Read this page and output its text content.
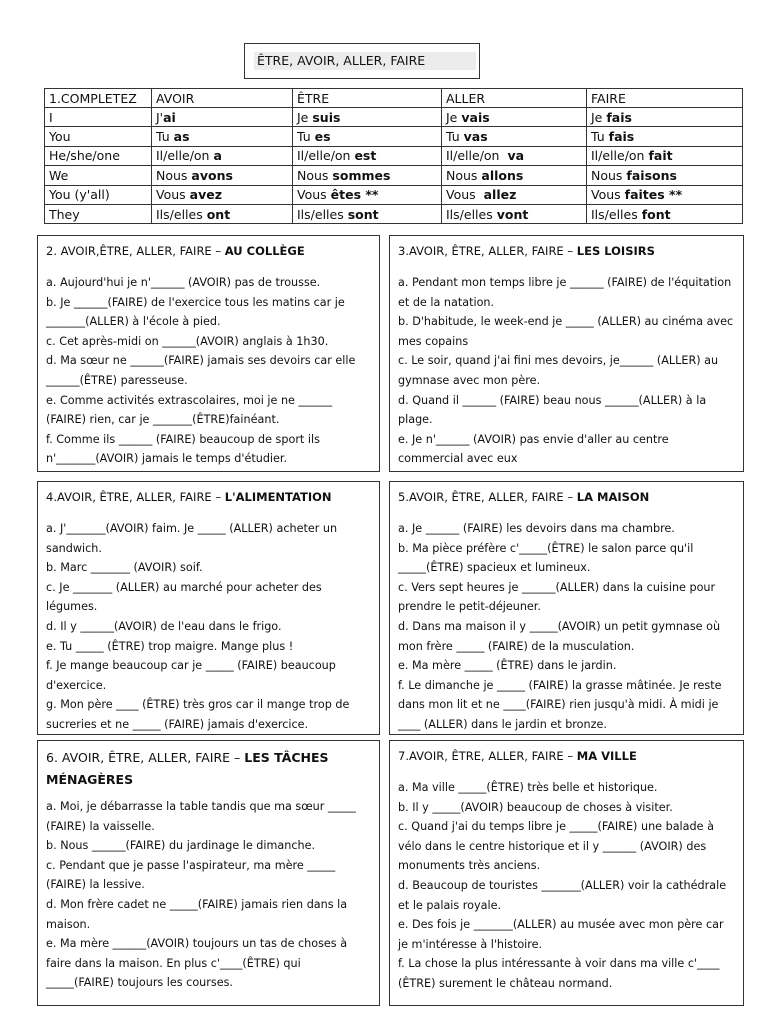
ÊTRE, AVOIR, ALLER, FAIRE
1.COMPLETEZ	AVOIR	ÊTRE	ALLER	FAIRE
I	J'ai	Je suis	Je vais	Je fais
You	Tu as	Tu es	Tu vas	Tu fais
He/she/one	Il/elle/on a	Il/elle/on est	Il/elle/on  va	Il/elle/on fait
We	Nous avons	Nous sommes	Nous allons	Nous faisons
You (y'all)	Vous avez	Vous êtes **	Vous  allez	Vous faites **
They	Ils/elles ont	Ils/elles sont	Ils/elles vont	Ils/elles font
2. AVOIR,ÊTRE, ALLER, FAIRE – AU COLLÈGE
a. Aujourd'hui je n'______ (AVOIR) pas de trousse.
b. Je ______(FAIRE) de l'exercice tous les matins car je _______(ALLER) à l'école à pied.
c. Cet après-midi on ______(AVOIR) anglais à 1h30.
d. Ma sœur ne ______(FAIRE) jamais ses devoirs car elle ______(ÊTRE) paresseuse.
e. Comme activités extrascolaires, moi je ne ______ (FAIRE) rien, car je _______(ÊTRE)fainéant.
f. Comme ils ______ (FAIRE) beaucoup de sport ils n'_______(AVOIR) jamais le temps d'étudier.
3.AVOIR, ÊTRE, ALLER, FAIRE – LES LOISIRS
a. Pendant mon temps libre je ______ (FAIRE) de l'équitation et de la natation.
b. D'habitude, le week-end je _____ (ALLER) au cinéma avec mes copains
c. Le soir, quand j'ai fini mes devoirs, je______ (ALLER) au gymnase avec mon père.
d. Quand il ______ (FAIRE) beau nous ______(ALLER) à la plage.
e. Je n'______ (AVOIR) pas envie d'aller au centre commercial avec eux
4.AVOIR, ÊTRE, ALLER, FAIRE – L'ALIMENTATION
a. J'_______(AVOIR) faim. Je _____ (ALLER) acheter un sandwich.
b. Marc _______ (AVOIR) soif.
c. Je _______ (ALLER) au marché pour acheter des légumes.
d. Il y ______(AVOIR) de l'eau dans le frigo.
e. Tu _____ (ÊTRE) trop maigre. Mange plus !
f. Je mange beaucoup car je _____ (FAIRE) beaucoup d'exercice.
g. Mon père ____ (ÊTRE) très gros car il mange trop de sucreries et ne _____ (FAIRE) jamais d'exercice.
5.AVOIR, ÊTRE, ALLER, FAIRE – LA MAISON
a. Je ______ (FAIRE) les devoirs dans ma chambre.
b. Ma pièce préfère c'_____(ÊTRE) le salon parce qu'il _____(ÊTRE) spacieux et lumineux.
c. Vers sept heures je ______(ALLER) dans la cuisine pour prendre le petit-déjeuner.
d. Dans ma maison il y _____(AVOIR) un petit gymnase où mon frère _____ (FAIRE) de la musculation.
e. Ma mère _____ (ÊTRE) dans le jardin.
f. Le dimanche je _____ (FAIRE) la grasse mâtinée. Je reste dans mon lit et ne ____(FAIRE) rien jusqu'à midi. À midi je ____ (ALLER) dans le jardin et bronze.
6. AVOIR, ÊTRE, ALLER, FAIRE – LES TÂCHES MÉNAGÈRES
a. Moi, je débarrasse la table tandis que ma sœur _____ (FAIRE) la vaisselle.
b. Nous ______(FAIRE) du jardinage le dimanche.
c. Pendant que je passe l'aspirateur, ma mère _____ (FAIRE) la lessive.
d. Mon frère cadet ne _____(FAIRE) jamais rien dans la maison.
e. Ma mère ______(AVOIR) toujours un tas de choses à faire dans la maison. En plus c'____(ÊTRE) qui _____(FAIRE) toujours les courses.
7.AVOIR, ÊTRE, ALLER, FAIRE – MA VILLE
a. Ma ville _____(ÊTRE) très belle et historique.
b. Il y _____(AVOIR) beaucoup de choses à visiter.
c. Quand j'ai du temps libre je _____(FAIRE) une balade à vélo dans le centre historique et il y ______ (AVOIR) des monuments très anciens.
d. Beaucoup de touristes _______(ALLER) voir la cathédrale et le palais royale.
e. Des fois je _______(ALLER) au musée avec mon père car je m'intéresse à l'histoire.
f. La chose la plus intéressante à voir dans ma ville c'____ (ÊTRE) surement le château normand.
